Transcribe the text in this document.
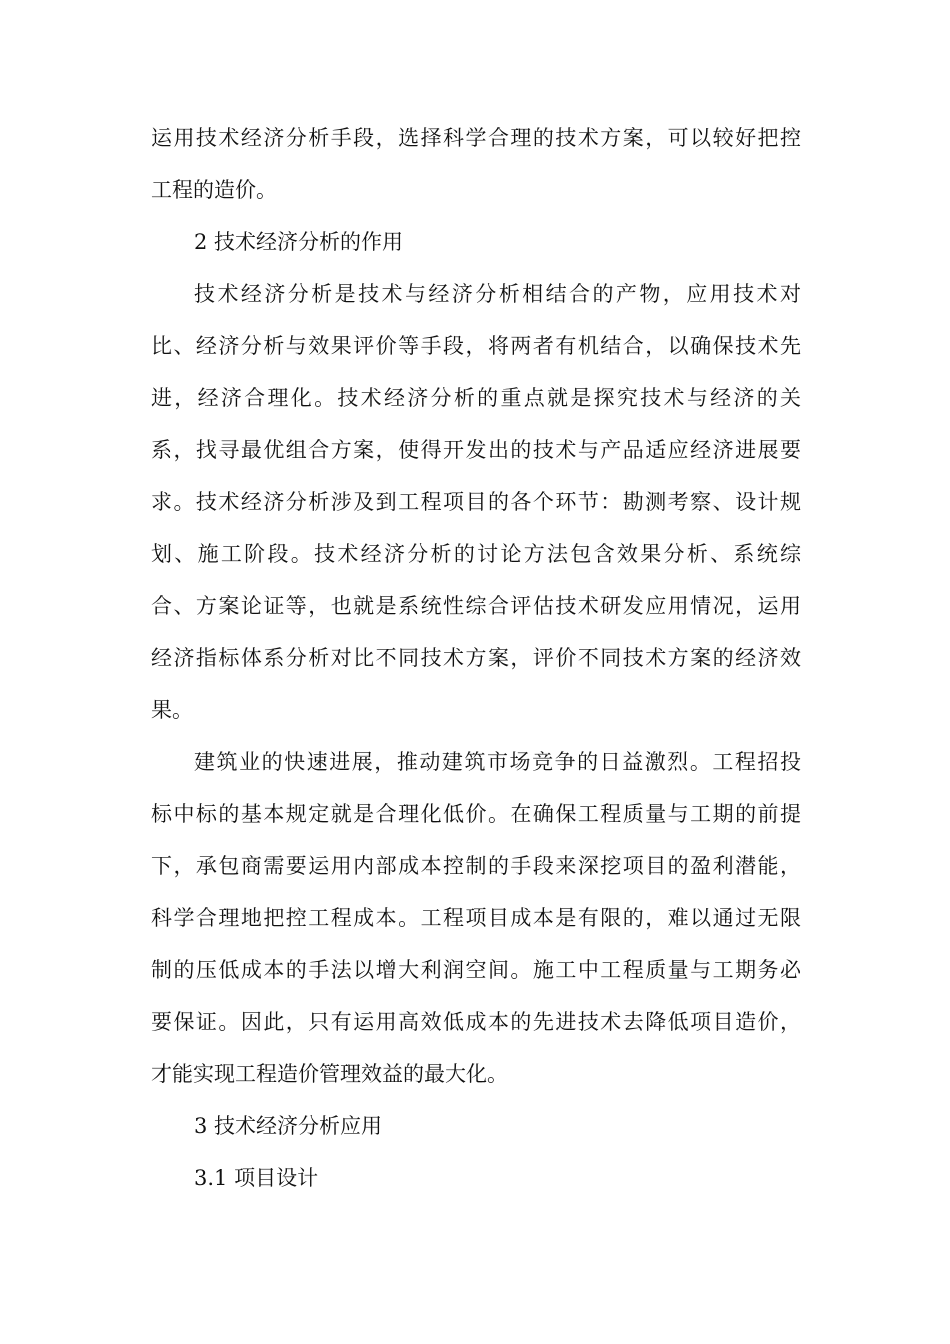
运用技术经济分析手段，选择科学合理的技术方案，可以较好把控
工程的造价。
2 技术经济分析的作用
技术经济分析是技术与经济分析相结合的产物，应用技术对
比、经济分析与效果评价等手段，将两者有机结合，以确保技术先
进，经济合理化。技术经济分析的重点就是探究技术与经济的关
系，找寻最优组合方案，使得开发出的技术与产品适应经济进展要
求。技术经济分析涉及到工程项目的各个环节：勘测考察、设计规
划、施工阶段。技术经济分析的讨论方法包含效果分析、系统综
合、方案论证等，也就是系统性综合评估技术研发应用情况，运用
经济指标体系分析对比不同技术方案，评价不同技术方案的经济效
果。
建筑业的快速进展，推动建筑市场竞争的日益激烈。工程招投
标中标的基本规定就是合理化低价。在确保工程质量与工期的前提
下，承包商需要运用内部成本控制的手段来深挖项目的盈利潜能，
科学合理地把控工程成本。工程项目成本是有限的，难以通过无限
制的压低成本的手法以增大利润空间。施工中工程质量与工期务必
要保证。因此，只有运用高效低成本的先进技术去降低项目造价，
才能实现工程造价管理效益的最大化。
3 技术经济分析应用
3.1 项目设计
